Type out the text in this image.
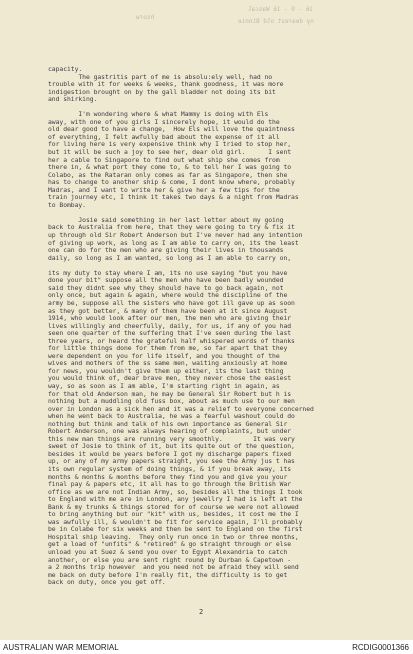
16 - 9 - 16 Wascal
ny dearest old Binnie
hsorw
capacity.
The gastritis part of me is absolu:ely well, had no
trouble with it for weeks & weeks, thank goodness, it was more
indigestion brought on by the gall bladder not doing its bit
and shirking.
I'm wondering where & what Mammy is doing with Els
away, with one of you girls I sincerely hope, it would do the
old dear good to have a change,  How Els will love the quaintness
of everything, I felt awfully bad about the expense of it all
for living here is very expensive think why I tried to stop her,
but it will be such a joy to see her, dear old girl.      I sent
her a cable to Singapore to find out what ship she comes from
there in, & what port they come to, & to tell her I was going to
Colabo, as the Rataran only comes as far as Singapore, then she
has to change to another ship & come, I dont know where, probably
Madras, and I want to write her & give her a few tips for the
train journey etc, I think it takes two days & a night from Madras
to Bombay.
Josie said something in her last letter about my going
back to Australia from here, that they were going to try & fix it
up through old Sir Robert Anderson but I've never had any intention
of giving up work, as long as I am able to carry on, its the least
one can do for the men who are giving their lives in thousands
daily, so long as I am wanted, so long as I am able to carry on,
its my duty to stay where I am, its no use saying "but you have
done your bit" suppose all the men who have been badly wounded
said they didnt see why they should have to go back again, not
only once, but again & again, where would the discipline of the
army be, suppose all the sisters who have got ill gave up as soon
as they got better, & many of them have been at it since August
1914, who would look after our men, the men who are giving their
lives willingly and cheerfully, daily, for us, if any of you had
seen one quarter of the suffering that I've seen during the last
three years, or heard the grateful half whispered words of thanks
for little things done for them from me, so far apart that they
were dependent on you for life itself, and you thought of the
wives and mothers of the ss same men, waiting anxiously at home
for news, you wouldn't give them up either, its the last thing
you would think of, dear brave men, they never chose the easiest
way, so as soon as I am able, I'm starting right in again, as
for that old Anderson man, he may be General Sir Robert but h is
nothing but a muddling old fuss box, about as much use to our men
over in London as a sick hen and it was a relief to everyone concerned
when he went back to Australia, he was a fearful washout could do
nothing but think and talk of his own importance as General Sir
Robert Anderson, one was always hearing of complaints, but under
this new man things are running very smoothly.        It was very
sweet of Josie to think of it, but its quite out of the question,
besides it would be years before I got my discharge papers fixed
up, or any of my army papers straight, you see the Army jus t has
its own regular system of doing things, & if you break away, its
months & months & months before they find you and give you your
final pay & papers etc, it all has to go through the British War
office as we are not Indian Army, so, besides all the things I took
to England with me are in London, any jewellry I had is left at the
Bank & my trunks & things stored for of course we were not allowed
to bring anything but our "kit" with us, besides, it cost me the I
was awfully ill, & wouldn't be fit for service again, I'll probably
be in Colabe for six weeks and then be sent to England on the first
Hospital ship leaving.  They only run once in two or three months,
get a load of "unfits" & "retired" & go straight through or else
unload you at Suez & send you over to Egypt Alexandria to catch
another, or else you are sent right round by Durban & Capetown -
a 2 months trip however  and you need not be afraid they will send
me back on duty before I'm really fit, the difficulty is to get
back on duty, once you get off.
2
AUSTRALIAN WAR MEMORIAL	RCDIG0001366
